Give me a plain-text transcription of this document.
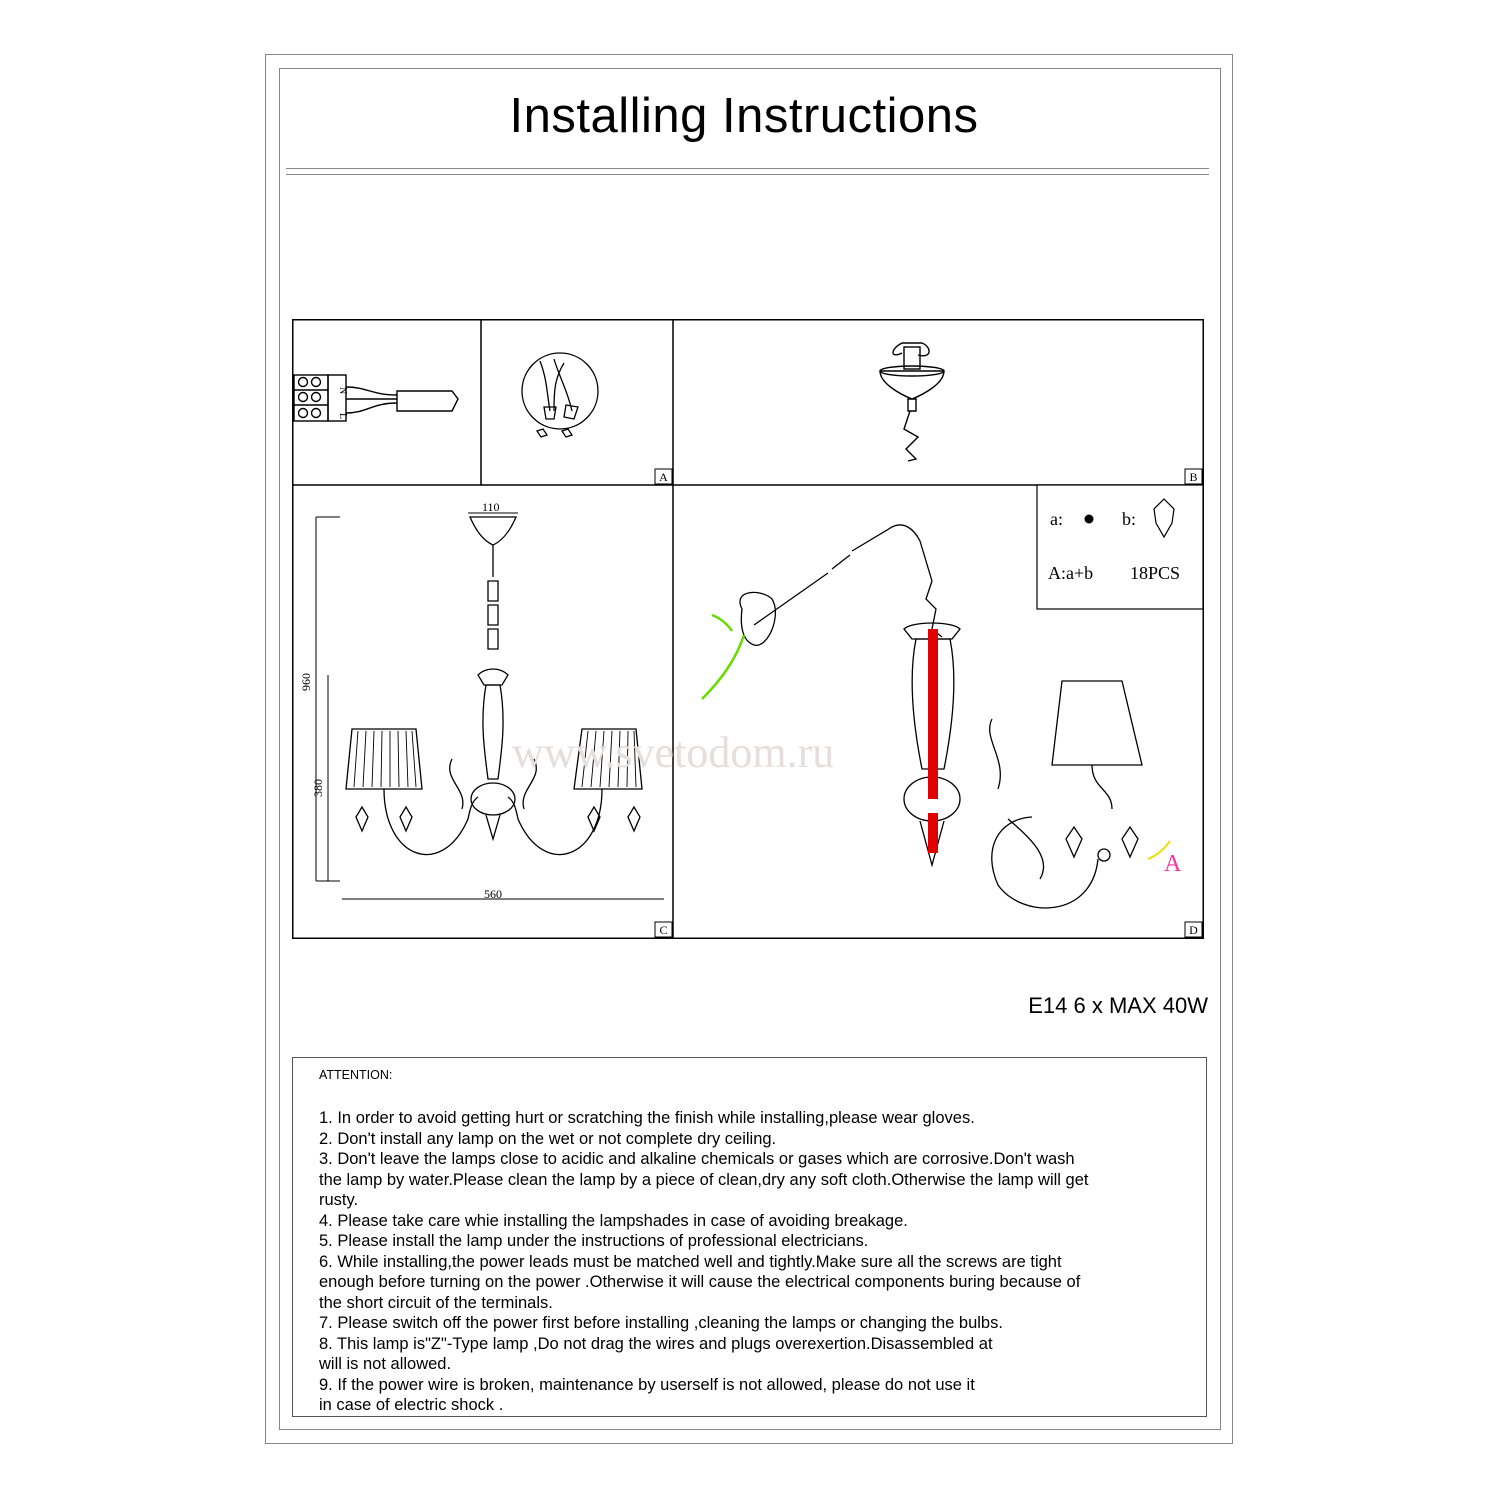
Installing Instructions
A	B
C	D
N
L
960
380
110
560
a:	b:
A:a+b 18PCS
A
www.svetodom.ru
E14 6 x MAX 40W

ATTENTION:

1. In order to avoid getting hurt or scratching the finish while installing,please wear gloves.
2. Don't install any lamp on the wet or not complete dry ceiling.
3. Don't leave the lamps close to acidic and alkaline chemicals or gases which are corrosive.Don't wash
the lamp by water.Please clean the lamp by a piece of clean,dry any soft cloth.Otherwise the lamp will get
rusty.
4. Please take care whie installing the lampshades in case of avoiding breakage.
5. Please install the lamp under the instructions of professional electricians.
6. While installing,the power leads must be matched well and tightly.Make sure all the screws are tight
enough before turning on the power .Otherwise it will cause the electrical components buring because of
the short circuit of the terminals.
7. Please switch off the power first before installing ,cleaning the lamps or changing the bulbs.
8. This lamp is"Z"-Type lamp ,Do not drag the wires and plugs overexertion.Disassembled at
will is not allowed.
9. If the power wire is broken, maintenance by userself is not allowed, please do not use it
in case of electric shock .
